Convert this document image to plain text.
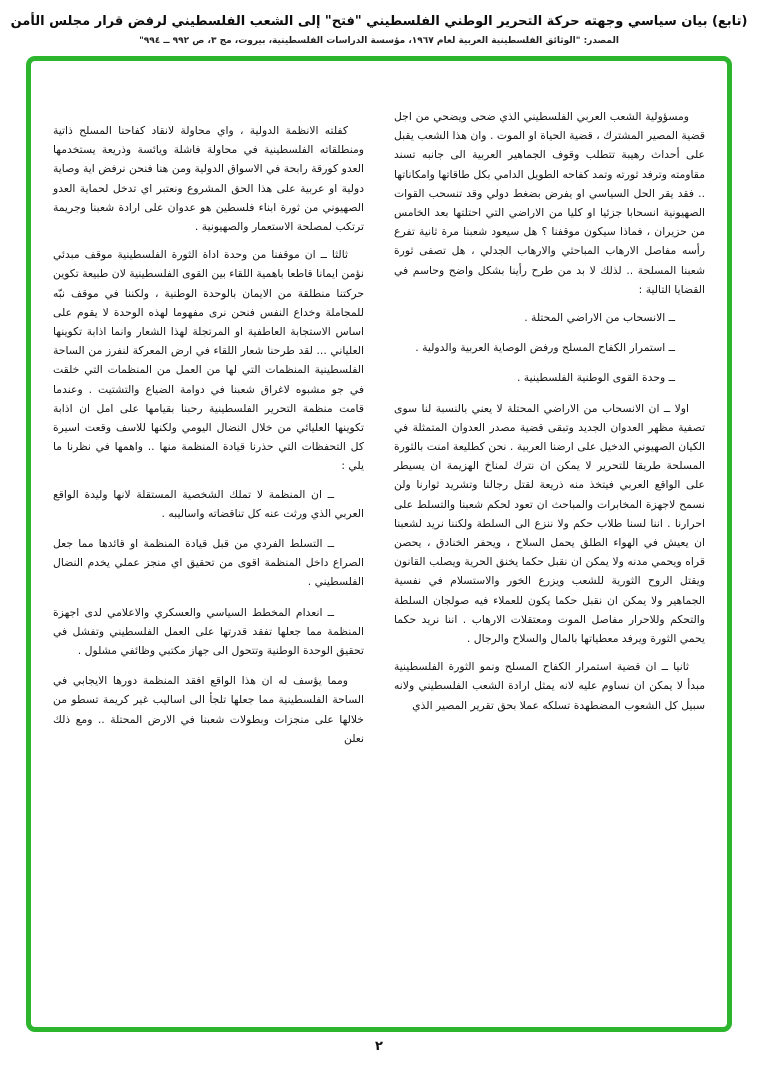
(تابع) بيان سياسي وجهته حركة التحرير الوطني الفلسطيني "فتح" إلى الشعب الفلسطيني لرفض قرار مجلس الأمن
المصدر: "الوثائق الفلسطينية العربية لعام ١٩٦٧، مؤسسة الدراسات الفلسطينية، بيروت، مج ٣، ص ٩٩٢ ــ ٩٩٤"

ومسؤولية الشعب العربي الفلسطيني الذي ضحى ويضحي من اجل قضية المصير المشترك ، قضية الحياة او الموت . وان هذا الشعب يقبل على أحداث رهيبة تتطلب وقوف الجماهير العربية الى جانبه تسند مقاومته وترفد ثورته وتمد كفاحه الطويل الدامي بكل طاقاتها وامكاناتها .. فقد يقر الحل السياسي او يفرض بضغط دولي وقد تنسحب القوات الصهيونية انسحابا جزئيا او كليا من الاراضي التي احتلتها بعد الخامس من حزيران ، فماذا سيكون موقفنا ؟ هل سيعود شعبنا مرة ثانية تفرع رأسه مفاصل الارهاب المباحثي والارهاب الجدلي ، هل تصفى ثورة شعبنا المسلحة .. لذلك لا بد من طرح رأينا بشكل واضح وحاسم في القضايا التالية :

ــ الانسحاب من الاراضي المحتلة .

ــ استمرار الكفاح المسلح ورفض الوصاية العربية والدولية .

ــ وحدة القوى الوطنية الفلسطينية .

اولا ــ ان الانسحاب من الاراضي المحتلة لا يعني بالنسبة لنا سوى تصفية مظهر العدوان الجديد وتبقى قضية مصدر العدوان المتمثلة في الكيان الصهيوني الدخيل على ارضنا العربية . نحن كطليعة امنت بالثورة المسلحة طريقا للتحرير لا يمكن ان نترك لمناخ الهزيمة ان يسيطر على الواقع العربي فيتخذ منه ذريعة لقتل رجالنا وتشريد ثوارنا ولن نسمح لاجهزة المخابرات والمباحث ان تعود لحكم شعبنا والتسلط على احرارنا . اننا لسنا طلاب حكم ولا ننزع الى السلطة ولكننا نريد لشعبنا ان يعيش في الهواء الطلق يحمل السلاح ، ويحفر الخنادق ، يحصن قراه ويحمي مدنه ولا يمكن ان نقبل حكما يخنق الحرية ويصلب القانون ويقتل الروح الثورية للشعب ويزرع الخور والاستسلام في نفسية الجماهير ولا يمكن ان نقبل حكما يكون للعملاء فيه صولجان السلطة والتحكم وللاحرار مفاصل الموت ومعتقلات الارهاب . اننا نريد حكما يحمي الثورة ويرفد معطياتها بالمال والسلاح والرجال .

ثانيا ــ ان قضية استمرار الكفاح المسلح ونمو الثورة الفلسطينية مبدأ لا يمكن ان نساوم عليه لانه يمثل ارادة الشعب الفلسطيني ولانه سبيل كل الشعوب المضطهدة تسلكه عملا بحق تقرير المصير الذي

كفلته الانظمة الدولية ، واي محاولة لانقاد كفاحنا المسلح ذاتية ومنطلقاته الفلسطينية في محاولة فاشلة ويائسة وذريعة يستخدمها العدو كورقة رابحة في الاسواق الدولية ومن هنا فنحن نرفض اية وصاية دولية او عربية على هذا الحق المشروع ونعتبر اي تدخل لحماية العدو الصهيوني من ثورة ابناء فلسطين هو عدوان على ارادة شعبنا وجريمة ترتكب لمصلحة الاستعمار والصهيونية .

ثالثا ــ ان موقفنا من وحدة اداة الثورة الفلسطينية موقف مبدئي نؤمن ايمانا قاطعا باهمية اللقاء بين القوى الفلسطينية لان طبيعة تكوين حركتنا منطلقة من الايمان بالوحدة الوطنية ، ولكننا في موقف نبّه للمجاملة وخداع النفس فنحن نرى مفهوما لهذه الوحدة لا يقوم على اساس الاستجابة العاطفية او المرتجلة لهذا الشعار وانما اذابة تكوينها العلياني ... لقد طرحنا شعار اللقاء في ارض المعركة لنفرز من الساحة الفلسطينية المنظمات التي لها من العمل من المنظمات التي خلقت في جو مشبوه لاغراق شعبنا في دوامة الضياع والتشتيت . وعندما قامت منظمة التحرير الفلسطينية رحبنا بقيامها على امل ان اذابة تكوينها العليائي من خلال النضال اليومي ولكنها للاسف وقعت اسيرة كل التحفظات التي حذرنا قيادة المنظمة منها .. واهمها في نظرنا ما يلي :

ــ ان المنظمة لا تملك الشخصية المستقلة لانها وليدة الواقع العربي الذي ورثت عنه كل تناقضاته واساليبه .

ــ التسلط الفردي من قبل قيادة المنظمة او قائدها مما جعل الصراع داخل المنظمة اقوى من تحقيق اي منجز عملي يخدم النضال الفلسطيني .

ــ انعدام المخطط السياسي والعسكري والاعلامي لدى اجهزة المنظمة مما جعلها تفقد قدرتها على العمل الفلسطيني وتفشل في تحقيق الوحدة الوطنية وتتحول الى جهاز مكتبي وظائفي مشلول .

ومما يؤسف له ان هذا الواقع افقد المنظمة دورها الايجابي في الساحة الفلسطينية مما جعلها تلجأ الى اساليب غير كريمة تسطو من خلالها على منجزات وبطولات شعبنا في الارض المحتلة .. ومع ذلك نعلن

٢
